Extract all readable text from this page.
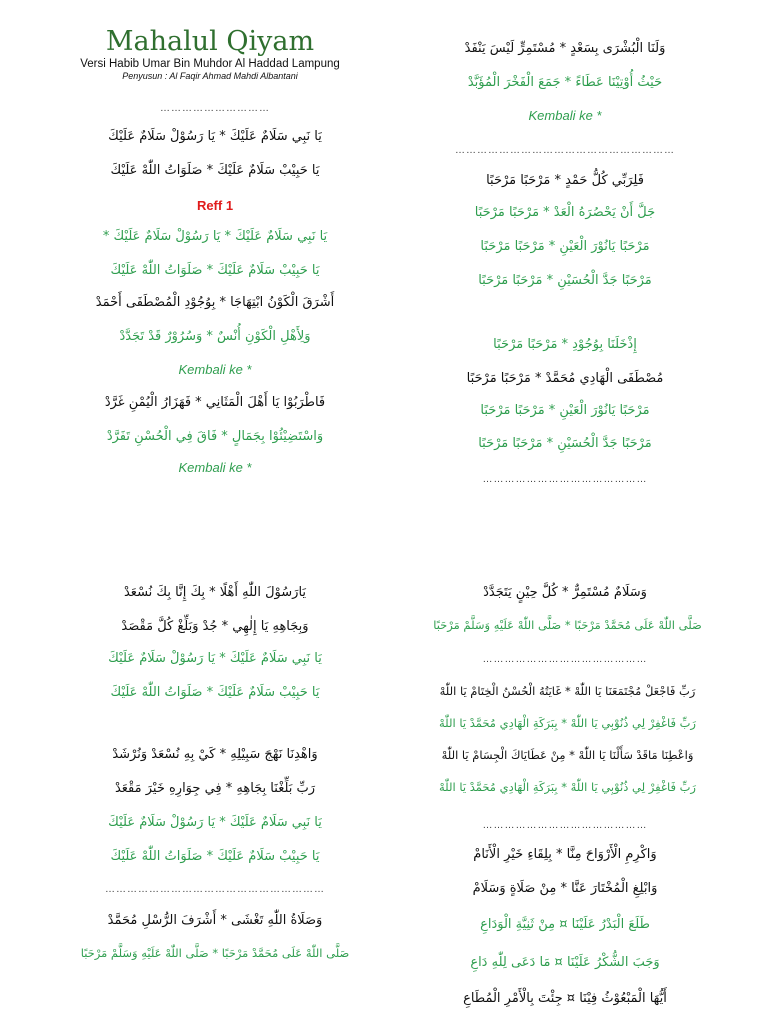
Mahalul Qiyam
Versi Habib Umar Bin Muhdor Al Haddad Lampung
Penyusun : Al Faqir Ahmad Mahdi Albantani
…………………………
يَا نَبِي سَلَامٌ عَلَيْكَ * يَا رَسُوْلْ سَلَامٌ عَلَيْكَ
يَا حَبِيْبْ سَلَامٌ عَلَيْكَ * صَلَوَاتُ اللّٰهْ عَلَيْكَ
Reff 1
يَا نَبِي سَلَامٌ عَلَيْكَ * يَا رَسُوْلْ سَلَامٌ عَلَيْكَ *
يَا حَبِيْبْ سَلَامٌ عَلَيْكَ * صَلَوَاتُ اللّٰهْ عَلَيْكَ
أَشْرَقَ الْكَوْنُ ابْتِهَاجَا * بِوُجُوْدِ الْمُصْطَفَى أَحْمَدْ
وَلِأَهْلِ الْكَوْنِ أُنْسٌ * وَسُرُوْرٌ قَدْ تَجَدَّدْ
Kembali ke *
فَاطْرَبُوْا يَا أَهْلَ الْمَثَانِي * فَهَزَارُ الْيُمْنِ غَرَّدْ
وَاسْتَضِيْئُوْا بِجَمَالٍ * فَاقَ فِي الْحُسْنِ تَفَرَّدْ
Kembali ke *
وَلَنَا الْبُشْرَى بِسَعْدٍ * مُسْتَمِرٍّ لَيْسَ يَنْفَدْ
حَيْثُ أُوْتِيْنَا عَطَاءً * جَمَعَ الْفَخْرَ الْمُؤَبَّدْ
Kembali ke *
……………………………………………………
فَلِرَبِّي كُلُّ حَمْدٍ * مَرْحَبًا مَرْحَبًا
جَلَّ أَنْ يَحْصُرَهُ الْعَدْ * مَرْحَبًا مَرْحَبًا
مَرْحَبًا يَانُوْرَ الْعَيْنِ * مَرْحَبًا مَرْحَبًا
مَرْحَبًا جَدَّ الْحُسَيْنِ * مَرْحَبًا مَرْحَبًا
إِذْخَلَنَا بِوُجُوْدِ * مَرْحَبًا مَرْحَبًا
مُصْطَفَى الْهَادِي مُحَمَّدْ * مَرْحَبًا مَرْحَبًا
مَرْحَبًا يَانُوْرَ الْعَيْنِ * مَرْحَبًا مَرْحَبًا
مَرْحَبًا جَدَّ الْحُسَيْنِ * مَرْحَبًا مَرْحَبًا
………………………………………
يَارَسُوْلَ اللّٰهِ أَهْلًا * بِكَ إِنَّا بِكَ نُسْعَدْ
وَبِجَاهِهِ يَا إِلٰهِي * جُدْ وَبَلِّغْ كُلَّ مَقْصَدْ
يَا نَبِي سَلَامٌ عَلَيْكَ * يَا رَسُوْلْ سَلَامٌ عَلَيْكَ
يَا حَبِيْبْ سَلَامٌ عَلَيْكَ * صَلَوَاتُ اللّٰهْ عَلَيْكَ
وَاهْدِنَا نَهْجَ سَبِيْلِهِ * كَيْ بِهِ نُسْعَدْ وَنُرْشَدْ
رَبِّ بَلِّغْنَا بِجَاهِهِ * فِي جِوَارِهِ خَيْرَ مَقْعَدْ
يَا نَبِي سَلَامٌ عَلَيْكَ * يَا رَسُوْلْ سَلَامٌ عَلَيْكَ
يَا حَبِيْبْ سَلَامٌ عَلَيْكَ * صَلَوَاتُ اللّٰهْ عَلَيْكَ
……………………………………………………
وَصَلَاةُ اللّٰهِ تَغْشَى * أَشْرَفَ الرُّسْلِ مُحَمَّدْ
صَلَّى اللّٰهْ عَلَى مُحَمَّدْ مَرْحَبًا * صَلَّى اللّٰهْ عَلَيْهِ وَسَلَّمْ مَرْحَبًا
وَسَلَامٌ مُسْتَمِرٌّ * كُلَّ حِيْنٍ يَتَجَدَّدْ
صَلَّى اللّٰهْ عَلَى مُحَمَّدْ مَرْحَبًا * صَلَّى اللّٰهْ عَلَيْهِ وَسَلَّمْ مَرْحَبًا
………………………………………
رَبِّ فَاجْعَلْ مُجْتَمَعَنَا يَا اللّٰهْ * غَايَتُهُ الْحُسْنُ الْخِتَامْ يَا اللّٰهْ
رَبِّ فَاغْفِرْ لِي ذُنُوْبِي يَا اللّٰهْ * بِبَرَكَةِ الْهَادِي مُحَمَّدْ يَا اللّٰهْ
وَاعْطِنَا مَاقَدْ سَأَلْنَا يَا اللّٰهْ * مِنْ عَطَايَاكَ الْجِسَامْ يَا اللّٰهْ
رَبِّ فَاغْفِرْ لِي ذُنُوْبِي يَا اللّٰهْ * بِبَرَكَةِ الْهَادِي مُحَمَّدْ يَا اللّٰهْ
………………………………………
وَاكْرِمِ الْأَرْوَاحَ مِنَّا * بِلِقَاءِ خَيْرِ الْأَنَامْ
وَابْلِغِ الْمُخْتَارَ عَنَّا * مِنْ صَلَاةٍ وَسَلَامْ
طَلَعَ الْبَدْرُ عَلَيْنَا ¤ مِنْ ثَنِيَّةِ الْوَدَاعِ
وَجَبَ الشُّكْرُ عَلَيْنَا ¤ مَا دَعَى لِلّٰهِ دَاعِ
أَيُّهَا الْمَبْعُوْثُ فِيْنَا ¤ جِئْتَ بِالْأَمْرِ الْمُطَاعِ
